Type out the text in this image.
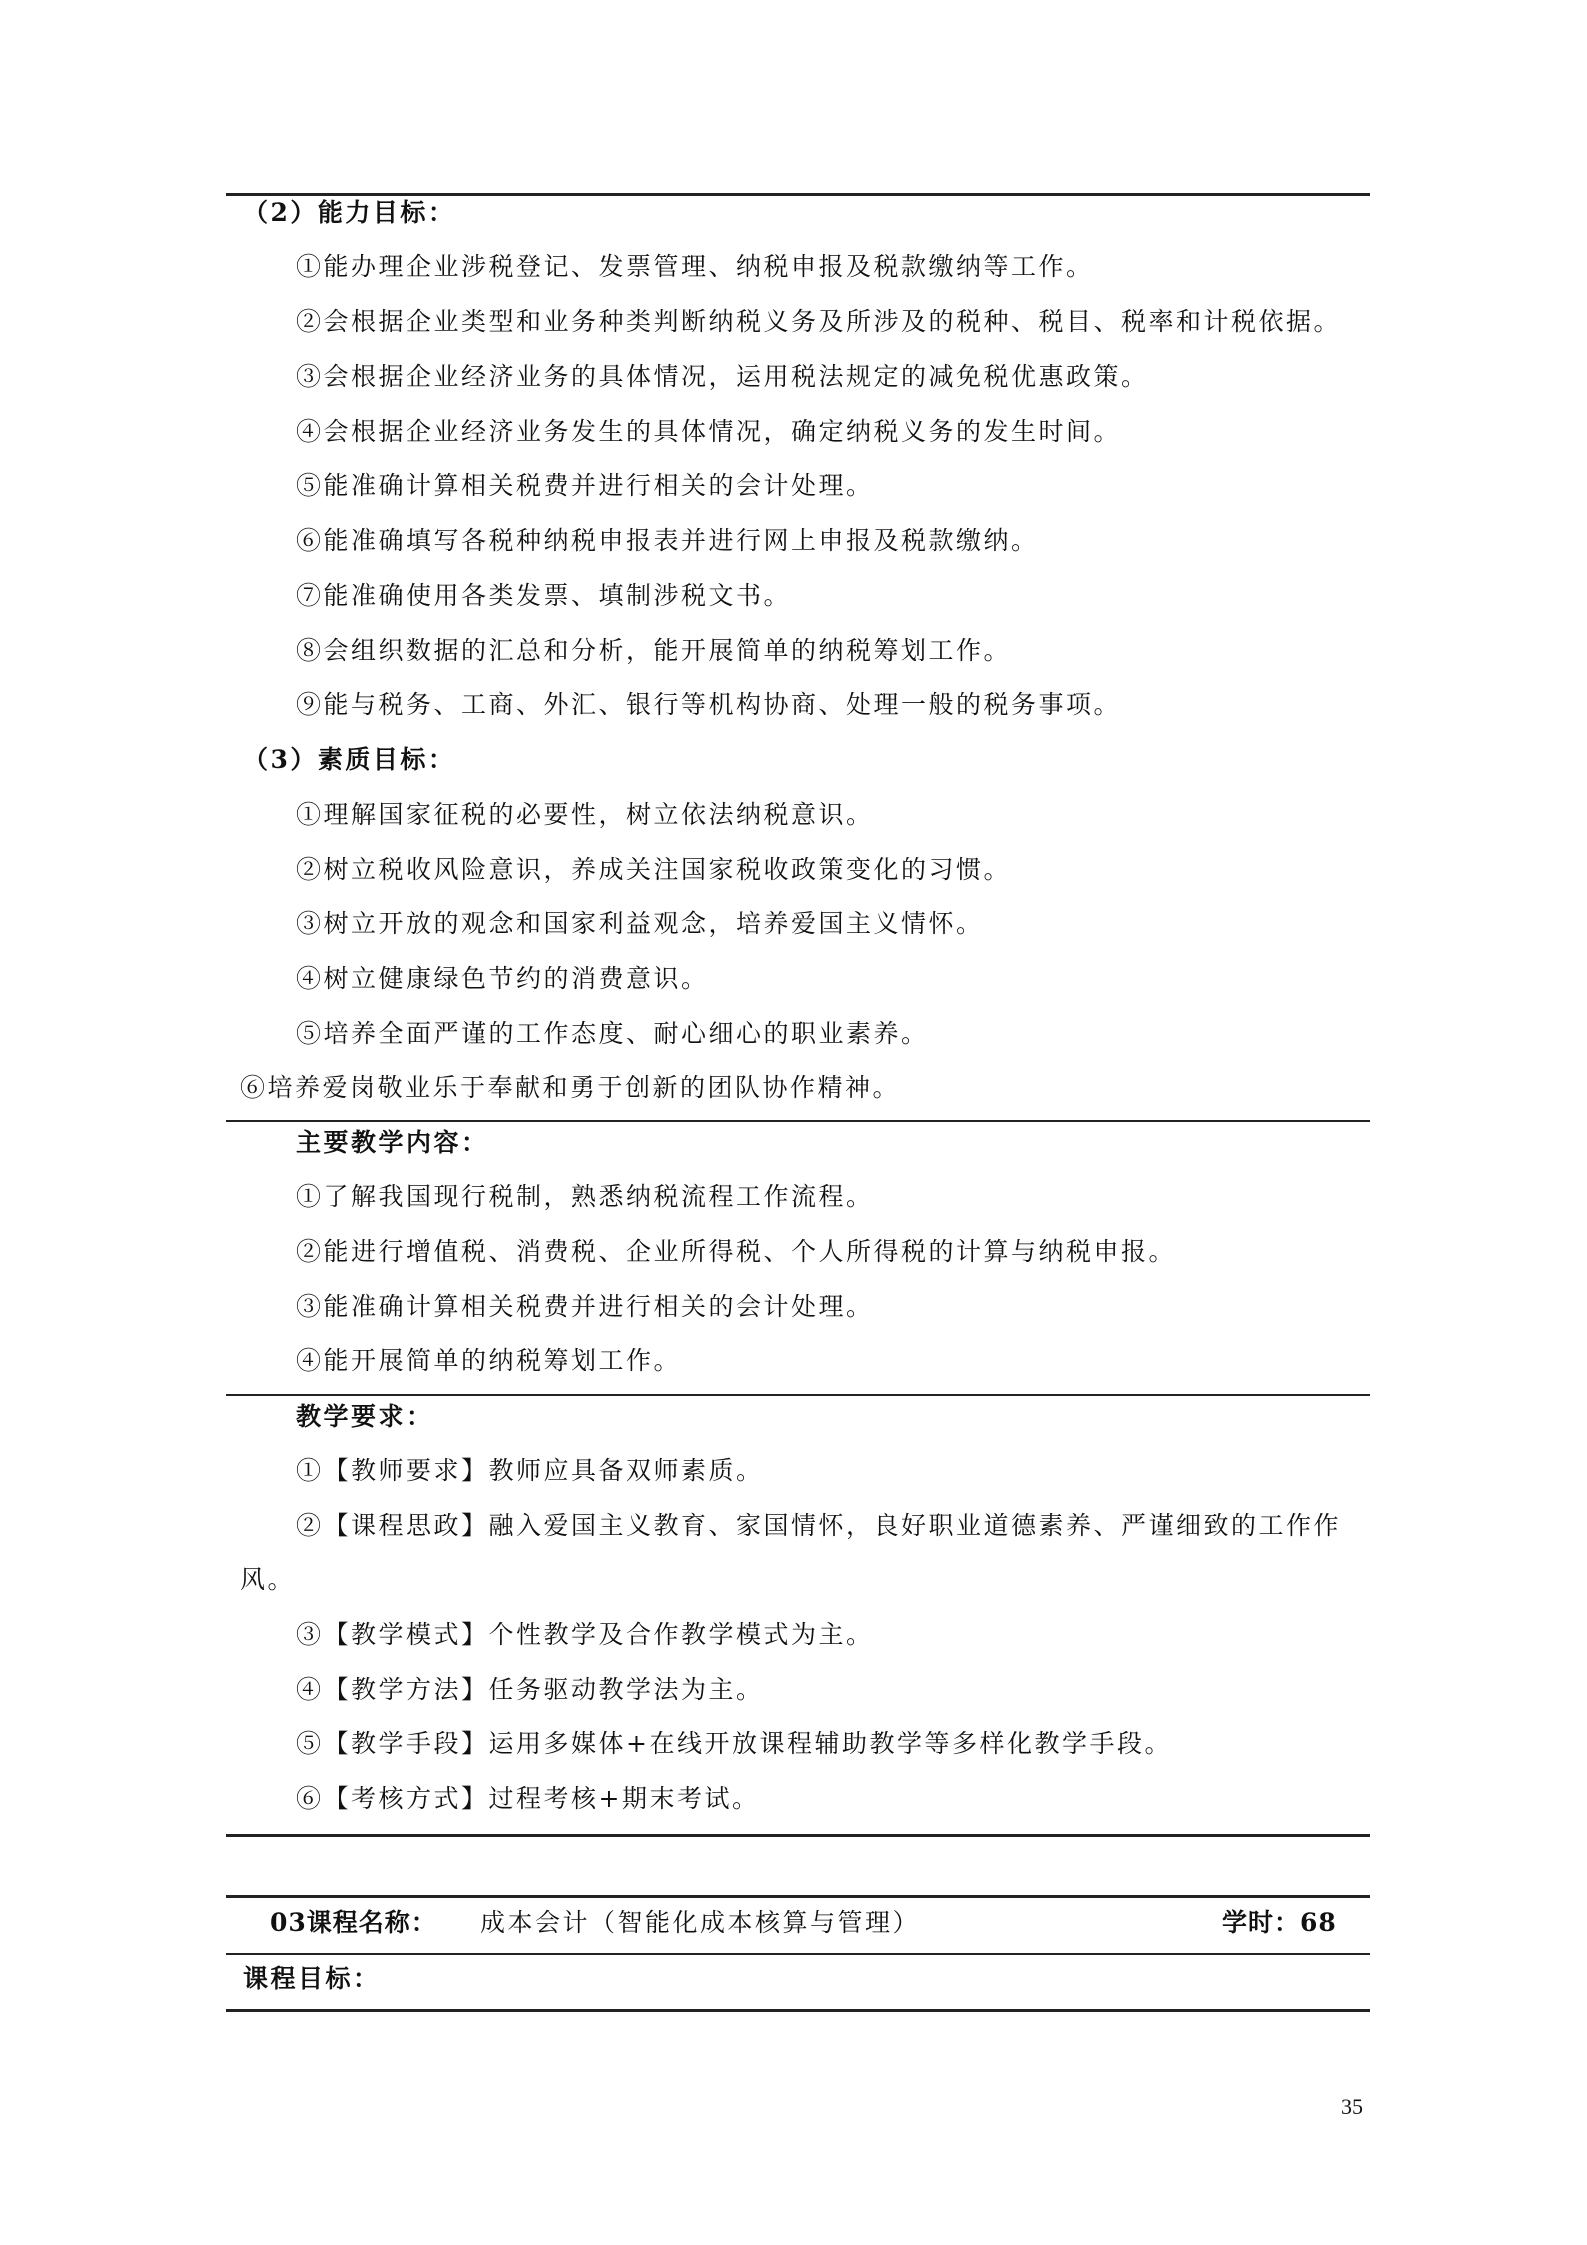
（2）能力目标：
①能办理企业涉税登记、发票管理、纳税申报及税款缴纳等工作。
②会根据企业类型和业务种类判断纳税义务及所涉及的税种、税目、税率和计税依据。
③会根据企业经济业务的具体情况，运用税法规定的减免税优惠政策。
④会根据企业经济业务发生的具体情况，确定纳税义务的发生时间。
⑤能准确计算相关税费并进行相关的会计处理。
⑥能准确填写各税种纳税申报表并进行网上申报及税款缴纳。
⑦能准确使用各类发票、填制涉税文书。
⑧会组织数据的汇总和分析，能开展简单的纳税筹划工作。
⑨能与税务、工商、外汇、银行等机构协商、处理一般的税务事项。
（3）素质目标：
①理解国家征税的必要性，树立依法纳税意识。
②树立税收风险意识，养成关注国家税收政策变化的习惯。
③树立开放的观念和国家利益观念，培养爱国主义情怀。
④树立健康绿色节约的消费意识。
⑤培养全面严谨的工作态度、耐心细心的职业素养。
⑥培养爱岗敬业乐于奉献和勇于创新的团队协作精神。
主要教学内容：
①了解我国现行税制，熟悉纳税流程工作流程。
②能进行增值税、消费税、企业所得税、个人所得税的计算与纳税申报。
③能准确计算相关税费并进行相关的会计处理。
④能开展简单的纳税筹划工作。
教学要求：
①【教师要求】教师应具备双师素质。
②【课程思政】融入爱国主义教育、家国情怀，良好职业道德素养、严谨细致的工作作
风。
③【教学模式】个性教学及合作教学模式为主。
④【教学方法】任务驱动教学法为主。
⑤【教学手段】运用多媒体+在线开放课程辅助教学等多样化教学手段。
⑥【考核方式】过程考核+期末考试。
03课程名称： 成本会计（智能化成本核算与管理）	学时：68
课程目标：
35
